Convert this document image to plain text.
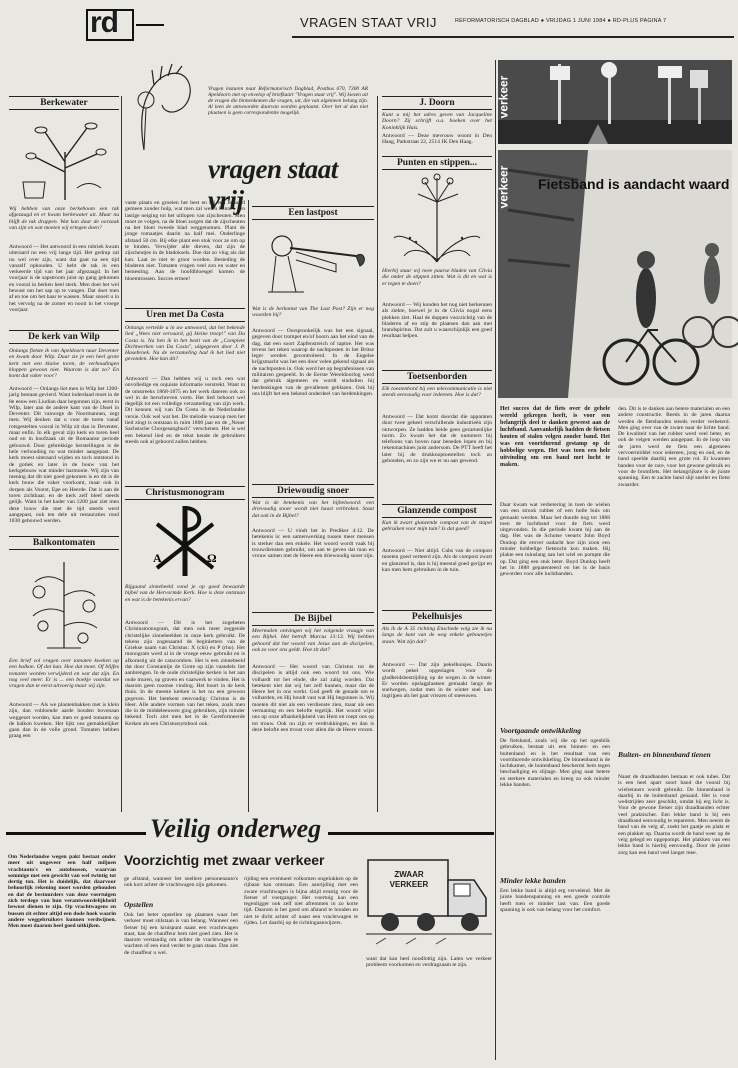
rd	VRAGEN STAAT VRIJ	REFORMATORISCH DAGBLAD ● VRIJDAG 1 JUNI 1984 ● RD-PLUS PAGINA 7
Vragen insturen naar Reformatorisch Dagblad, Postbus 670, 7300 AR Apeldoorn met op envelop of briefkaart "Vragen staat vrij". Wij kiezen uit de vragen die binnenkomen die vragen, uit, die van algemeen belang zijn. Al leen de antwoorden daarvan worden geplaatst. Over het al dan niet plaatsen is geen correspondentie mogelijk.
vragen staat vrij
Berkewater
Wij hebben van onze berkeboom een tak afgezaagd en er kwam berkewater uit. Maar nu blijft de tak druppen. Wat kan daar de oorzaak van zijn en wat moeten wij ertegen doen?
Antwoord — Het antwoord in een rubriek kwam uiteraard nu een vrij lange tijd. Het gedrup zal nu wel over zijn, want dat gaat na een tijd vanzelf ophouden. U hebt de tak in een verkeerde tijd van het jaar afgezaagd. In het voorjaar is de sapstroom juist op gang gekomen en vooral in berken heel sterk. Men doet het wel bewust om het sap op te vangen. Dat doet men af en toe om het haar te wassen. Maar snoeit u in het vervolg na de zomer en nooit in het vroege voorjaar.
De kerk van Wilp
Onlangs fietste ik van Apeldoorn naar Deventer en kwam door Wilp. Daar zie je een heel grote kerk met een klaine toren, de verhoudingen kloppen gewoon niet. Waarom is dat zo? En komt dat vaker voor?
Antwoord — Onlangs liet men in Wilp het 1200-jarig bestaan gevierd. Want inderdaad moet in de 8e eeuw een Liudian daar begonnen zijn, eerst in Wilp, later aan de andere kant van de IJssel in Deventer. Dit vanwege de Noormannen, zegt men. Wij denken dat u voor de toren vanaf rotsgestelten vooral in Wilp zit dan in Deventer, maar enfin. In elk geval zijn kerk en toren heel oud en in hoofzaak uit de Romaanse periode gebouwd. Door gebrekkige herstellingen is de hele verhouding nu wat minder aangepast. De kerk moest uiteraard wijden en toch ontstond in de gotiek en later in de bouw van het kerkgebouw wat minder harmonie. Wij zijn van mening dat dit niet goed gekomen is en dit is de kerk bouw die vaker voorkomt, maar ook in dorpen als Voorst, Epe en Heerde. Dat is aan de toren zichtbaar, en de kerk zelf bleef steeds gelijk. Want in het kader van 1200 jaar ziet men deze bouw die met de tijd steeds werd aangepast, ook ten dele uit restauraties rond 1830 gebouwd werden.
Balkontomaten
Een brief vol vragen over tomaten kweken op een balkon. Of dat kan. Hoe dat moet. Of blijfes tomaten worden verwijderd en wat dat zijn. En nog veel meer. Er is ... een boekje voordat we vragen dan te eerst uitvoerig maar wij zijn.
Antwoord — Als we plantenbakken met is klein zijn, dan voldoende aarde houden bovenaan weggezet worden, kan men er goed tomaten op de balkon kweken. Het lijkt ons gemakkelijker gaan dan in de volle grond. Tomaten hebben graag een
vaste plaats en groeien het best en bij een bepaald gemeen zonder hulp, wat men zal weten kunnen een lastige neiging tot het uitlopen van zijscheuten. Men moet ze volgen, na de bloei zorgen dat de zijscheuten na het bloei tweede blad weggenomen. Plant de jonge tomaatjes daarin na half mei. Onderlinge afstand 50 cm. Bij elke plant een stok voor ze om op te binden. Verwijder alle dieven, dat zijn de zijscheutjes in de bladoksels. Doe dat zo vlug als dat kan. Laat ze niet te groot worden. Besteding de bladeren niet. Tomaten vragen veel zon en water en bemesting. Aan de hoofdbloesgel komen de bloemtrossen. Succes ermee!
Uren met Da Costa
Onlangs vertelde u in uw antwoord, dat het bekende lied „Wees niet vervaard, gij kleine troep!" van Da Costa is. Na ben ik in het bezit van de „Complete Dichtwerken van Da Costa", uitgegeven door J. P. Hasebroek. Na de verzameling had ik het lied niet gevonden. Hoe kan dit?
Antwoord — Dan hebben wij u toch een wat onvolledige en onjuiste informatie verstrekt. Want in de omstreeks 1868-1875 en het werk dateren ook zo wel in de herschreven vorm. Het lied behoort wel degelijk tot een volledige verzameling van zijn werk. Dit kennen wij van Da Costa in de Nederlandse versie. Ook wel wat het. De melodie waarop men het lied zingt is ontstaan in ruim 1800 jaar en de „Neuer Sachsische Chorgesangbuch" verschenen. Het is wel een bekend lied en de tekst kende de gebruikers steeds ook al gehoord zullen hebben.
Christusmonogram
A	Ω
Bijgaand zinnebeeld vond je op goed bewaarde bijbel van de Hervormde Kerk. Hoe is deze ontstaan en wat is de betekenis ervan?
Antwoord — Dit is het zogeheten Christusmonogram, dat men ook meer zeggende christelijke zinnebeelden in onze kerk gebruikt. De tekens zijn zogenaamd de beginletters van de Griekse naam van Christus: X (chi) en P (rho). Het monogram werd al in de vroege eeuw gebruikt en is afkomstig uit de catacomben. Het is een zinnebeeld dat door Constantijn de Grote op zijn vaandels liet aanbrengen. In de oude christelijke kerken is het aan oude muren, op graven en vaatwerk te vinden. Het is daarom geen roomse vinding. Het hoort in de kerk thuis. In de meeste kerken is het nu een gewoon gegeven. Het betekent eenvoudig: Christus is de Heer. Alle andere vormen van het teken, zoals men die in de middeleeuwen ging gebruiken, zijn minder bekend. Toch ziet men het in de Gereformeerde Kerken als een Christussymbool ook.
Een lastpost
Wat is de herkomst van The Last Post? Zijn er nog woorden bij?
Antwoord — Oorspronkelijk was het een signaal, gegeven door trompet en/of hoorn aan het eind van de dag, dat een soort Zapfenstreich of taptoe. Het was tevens het teken waarop de nachtposten in het Britse leger werden gecontroleerd. In de Engelse krijgsmacht was het een door velen gekend signaal als de nachtposten in. Ook werd het op begrafenissen van militairen gespeeld. In de Eerste Wereldoorlog werd dat gebruik algemeen en wordt sindsdien bij herdenkingen van de gevallenen geblazen. Ook bij ons blijft het een bekend onderdeel van herdenkingen.
Driewoudig snoer
Wat is de betekenis van het bijbelwoord: een drievoudig snoer wordt niet haast verbroken. Staat dat ook in de Bijbel?
Antwoord — U vindt het in Prediker 4:12. De betekenis is: een samenwerking tussen meer mensen is sterker dan een enkele. Het woord wordt vaak bij trouwdiensten gebruikt, om aan te geven dat man en vrouw samen met de Heere een driewoudig snoer zijn.
De Bijbel
Meermalen ontvingen wij het volgende vraagje van een Bijbel. Het betreft Marcus 13:13. Wij hebben gehoord dat het woord van Jezus aan de discipelen, ook zo voor ons geldt. Hoe zit dat?
Antwoord — Het woord van Christus tot de discipelen is altijd ook een woord tot ons. Wie volhardt tot het einde, die zal zalig worden. Dat betekent niet dat wij het zelf kunnen, maar dat de Heere het in ons werkt. God geeft de genade om te volharden, en Hij houdt vast wat Hij begonnen is. Wij moeten dit niet als een verdienste zien, maar als een vermaning en een belofte tegelijk. Het woord wijst ons op onze afhankelijkheid van Hem en roept ons op tot trouw. Ook nu zijn er verdrukkingen, en dan is deze belofte een troost voor allen die de Heere vrezen.
J. Doorn
Kunt u mij het adres geven van Jacqueline Doorn? Zij schrijft o.a. boeken over het Koninklijk Huis.
Antwoord — Deze mevrouw woont in Den Haag, Parkstraat 22, 2514 JK Den Haag.
Punten en stippen...
Hierbij stuur wij twee paarse bladen van Clivia die onder de stippen zitten. Wat is dit en wat is er tegen te doen?
Antwoord — Wij konden het nog niet herkennen als ziekte, hoewel je in de Clivia nogal eens plekken ziet. Haal de doppen voorzichtig van de bladeren af en stip de plaatsen dan aan met brandspiritus. Dat zult u waarschijnlijk een goed resultaat helpen.
Toetsenborden
Eik toestenbord bij een telecommunicatie is niet steeds eenvoudig voor iedereen. Hoe is dat?
Antwoord — Dat komt doordat die apparaten door twee geheel verschillende industrieën zijn ontworpen. Ze hadden beide geen gezamenlijke norm. Zo kwam het dat de nummers bij telefoons van boven naar beneden lopen en bij rekenmachines juist andersom. De PTT heeft het later bij de drukknoptoestellen toch zo gehouden, en zo zijn we er nu aan gewend.
Glanzende compost
Kan ik zwart glanzende compost van de stapel gebruiken voor mijn tuin? Is dat goed?
Antwoord — Niet altijd. Cubs van de compost moeten goed verteerd zijn. Als de compost zwart en glanzend is, dan is hij meestal goed gerijpt en kan men hem gebruiken in de tuin.
Pekelhuisjes
Als ik de A 35 richting Enschede volg zie ik nu langs de kant van de weg enkele gebouwtjes staan. Wat zijn dat?
Antwoord — Dat zijn pekelhuisjes. Daarin wordt pekel opgeslagen voor de gladheidsbestrijding op de wegen in de winter. Er worden opslagplaatsen gemaakt langs de snelwegen, zodat men in de winter snel kan ingrijpen als het gaat vriezen of sneeuwen.
verkeer
verkeer Fietsband is aandacht waard
Het succes dat de fiets over de gehele wereld gekregen heeft, is voor een belangrijk deel te danken geweest aan de luchtband. Aanvankelijk hadden de fietsen houten of stalen velgen zonder band. Het was een voortdurend gestamp op de hobbelige wegen. Het was toen een hele uitvinding om een band met lucht te maken.
Daar kwam wat verbetering in toen de wielen van een strook rubber of een holle buis om gemaakt werden. Maar het duurde nog tot 1888 toen de luchtband voor de fiets werd uitgevonden. In die periode kwam hij aan de dag. Het was de Schotse veearts John Boyd Dunlop die erover nadacht hoe zijn zoon een minder hobbelige fietstocht kon maken. Hij plakte een tuinslang aan het wiel en pompte die op. Dat ging een stuk beter. Boyd Dunlop heeft het in 1888 gepatenteerd en het is de basis geworden voor alle luchtbanden.
Voortgaande ontwikkeling
De fietsband, zoals wij die op het ogenblik gebruiken, bestaat uit een binnen- en een buitenband en is het resultaat van een voortdurende ontwikkeling. De binnenband is de luchtkamer, de buitenband beschermt hem tegen beschadiging en slijtage. Men ging naar betere en sterkere materialen en kreeg zo ook minder lekke banden.
Minder lekke banden
Een lekke band is altijd erg vervelend. Met de juiste bandenspanning en een goede controle heeft men er minder last van. Een goede spanning is ook van belang voor het comfort.
den. Dit is te danken aan betere materialen en een andere constructie. Reeds in de jaren daarna werden de fietsbanden steeds verder verbeterd. Men ging over van de zware naar de lichte band. De kwaliteit van het rubber werd veel beter, en ook de velgen werden aangepast. In de loop van de jaren werd de fiets een algemeen vervoermiddel voor iedereen, jong en oud, en de band speelde daarbij een grote rol. Er kwamen banden voor de race, voor het gewone gebruik en voor de bromfiets. Het belangrijkste is de juiste spanning. Een te zachte band slijt sneller en fietst zwaarder.
Buiten- en binnenband tienen
Naast de draadbanden bestaan er ook tubes. Dat is een heel apart soort band die vooral bij wielrenners wordt gebruikt. De binnenband is daarbij in de buitenband genaaid. Het is voor wedstrijden zeer geschikt, omdat hij erg licht is. Voor de gewone fietser zijn draadbanden echter veel praktischer. Een lekke band is bij een draadband eenvoudig te repareren. Men neemt de band van de velg af, zoekt het gaatje en plakt er een plakker op. Daarna wordt de band weer op de velg gelegd en opgepompt. Het plakken van een lekke band is hierbij eenvoudig. Door de juiste zorg kan een band veel langer mee.
Veilig onderweg
Om Nederlandse wegen pakt bestaat onder meer uit ongeveer een half miljoen vrachtauto's en autobussen, waarvan sommige met een gewicht van wel twintig tot dertig ton. Het is duidelijk, dat daarvoor behoorlijk rekening moet worden gehouden en dat de bestuurders van deze voertuigen zich terdege van hun verantwoordelijkheid bewust dienen te zijn. Op vrachtwagens en bussen zit echter altijd een dode hoek waarin andere weggebruikers kunnen verdwijnen. Men moet daarom heel goed uitkijken.
Voorzichtig met zwaar verkeer
ge afstand, wanneer het snellere personenauto's ook kort achter de vrachtwagen zijn gekomen.
Opstellen
Ook het beter opstellen op plaatsen waar het verkeer moet stilstaan is van belang. Wanneer een fietser bij een kruispunt naast een vrachtwagen staat, kan de chauffeur hem niet goed zien. Het is daarom verstandig om achter de vrachtwagen te wachten of een eind verder te gaan staan. Dan ziet de chauffeur u wel.
rijding een eventueel volkomen ongelukken op de rijbaan kan ontstaan. Een aanrijding met een zware vrachtwagen is bijna altijd ernstig voor de fietser of voetganger. Het voertuig kan een tegenligger ook zelf niet afremmen in zo korte tijd. Daarom is het goed om afstand te houden en niet te dicht achter of naast een vrachtwagen te rijden. Let daarbij op de richtingaanwijzers.
ZWAAR VERKEER
want dat kan heel noodlottig zijn. Laten we verkeer probleem voorkomen en verdragzaam te zijn.
